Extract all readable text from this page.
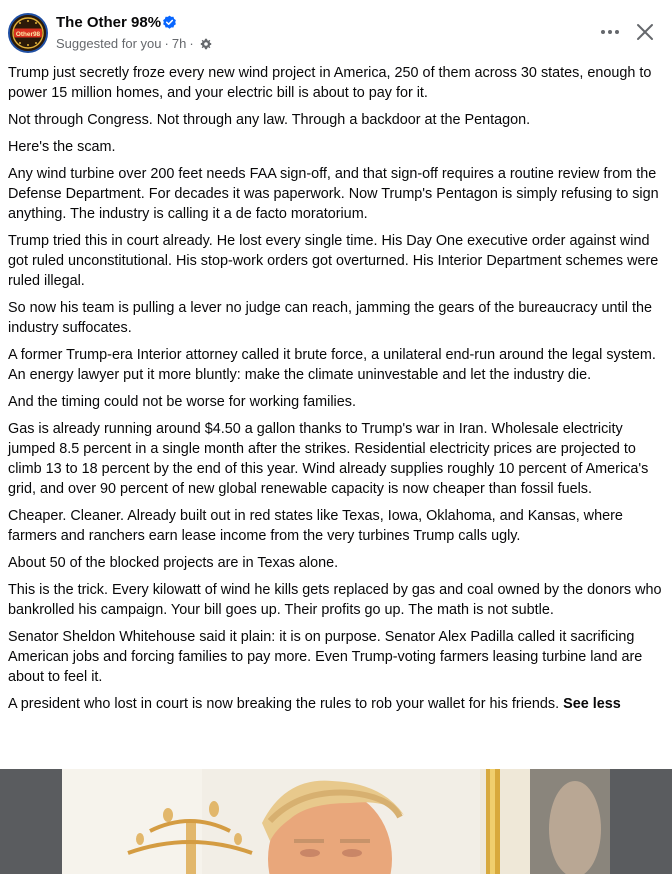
Other98
The Other 98%
Suggested for you · 7h ·

Trump just secretly froze every new wind project in America, 250 of them across 30 states, enough to power 15 million homes, and your electric bill is about to pay for it.

Not through Congress. Not through any law. Through a backdoor at the Pentagon.

Here's the scam.

Any wind turbine over 200 feet needs FAA sign-off, and that sign-off requires a routine review from the Defense Department. For decades it was paperwork. Now Trump's Pentagon is simply refusing to sign anything. The industry is calling it a de facto moratorium.

Trump tried this in court already. He lost every single time. His Day One executive order against wind got ruled unconstitutional. His stop-work orders got overturned. His Interior Department schemes were ruled illegal.

So now his team is pulling a lever no judge can reach, jamming the gears of the bureaucracy until the industry suffocates.

A former Trump-era Interior attorney called it brute force, a unilateral end-run around the legal system. An energy lawyer put it more bluntly: make the climate uninvestable and let the industry die.

And the timing could not be worse for working families.

Gas is already running around $4.50 a gallon thanks to Trump's war in Iran. Wholesale electricity jumped 8.5 percent in a single month after the strikes. Residential electricity prices are projected to climb 13 to 18 percent by the end of this year. Wind already supplies roughly 10 percent of America's grid, and over 90 percent of new global renewable capacity is now cheaper than fossil fuels.

Cheaper. Cleaner. Already built out in red states like Texas, Iowa, Oklahoma, and Kansas, where farmers and ranchers earn lease income from the very turbines Trump calls ugly.

About 50 of the blocked projects are in Texas alone.

This is the trick. Every kilowatt of wind he kills gets replaced by gas and coal owned by the donors who bankrolled his campaign. Your bill goes up. Their profits go up. The math is not subtle.

Senator Sheldon Whitehouse said it plain: it is on purpose. Senator Alex Padilla called it sacrificing American jobs and forcing families to pay more. Even Trump-voting farmers leasing turbine land are about to feel it.

A president who lost in court is now breaking the rules to rob your wallet for his friends. See less
